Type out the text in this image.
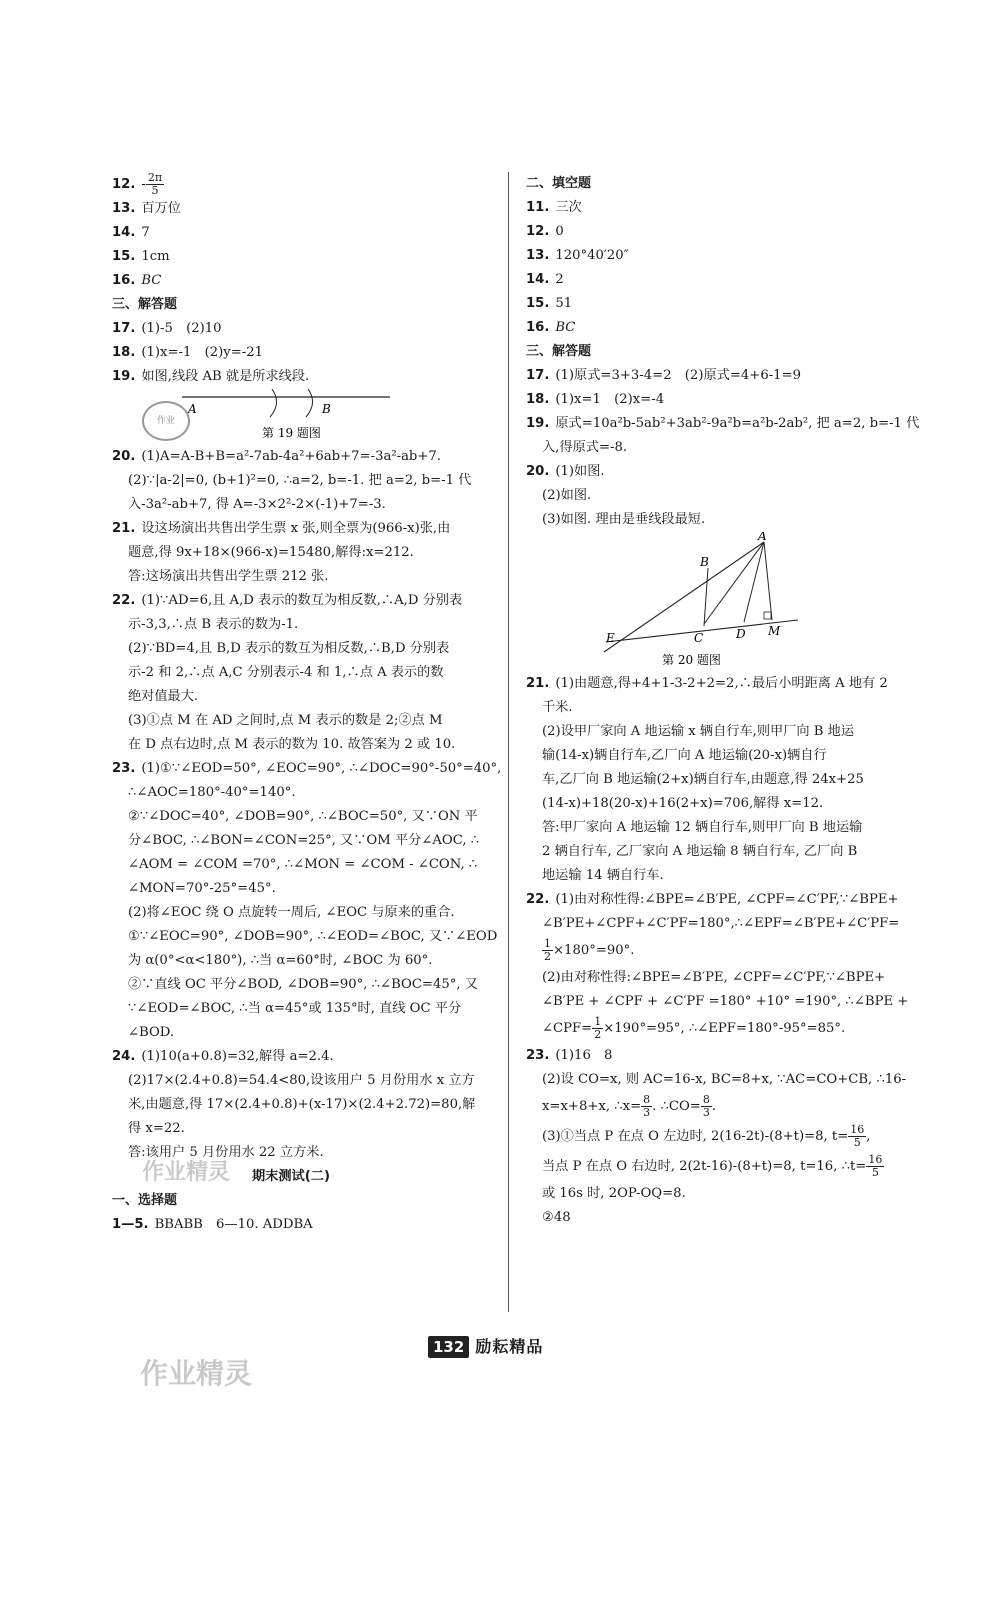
12. - $\frac{2\pi}{5}$
13. 百万位
14. 7
15. 1cm
16. BC
三、解答题
17. (1)-5　(2)10
18. (1)x=-1　(2)y=-21
19. 如图,线段 AB 就是所求线段.
A	B
第 19 题图
作业
20. (1)A=A-B+B=a²-7ab-4a²+6ab+7=-3a²-ab+7.
(2)∵|a-2|=0, (b+1)²=0, ∴a=2, b=-1. 把 a=2, b=-1 代
入-3a²-ab+7, 得 A=-3×2²-2×(-1)+7=-3.
21. 设这场演出共售出学生票 x 张,则全票为(966-x)张,由
题意,得 9x+18×(966-x)=15480,解得:x=212.
答:这场演出共售出学生票 212 张.
22. (1)∵AD=6,且 A,D 表示的数互为相反数,∴A,D 分别表
示-3,3,∴点 B 表示的数为-1.
(2)∵BD=4,且 B,D 表示的数互为相反数,∴B,D 分别表
示-2 和 2,∴点 A,C 分别表示-4 和 1,∴点 A 表示的数
绝对值最大.
(3)①点 M 在 AD 之间时,点 M 表示的数是 2;②点 M
在 D 点右边时,点 M 表示的数为 10. 故答案为 2 或 10.
23. (1)①∵∠EOD=50°, ∠EOC=90°, ∴∠DOC=90°-50°=40°,
∴∠AOC=180°-40°=140°.
②∵∠DOC=40°, ∠DOB=90°, ∴∠BOC=50°, 又∵ON 平
分∠BOC, ∴∠BON=∠CON=25°, 又∵OM 平分∠AOC, ∴
∠AOM = ∠COM =70°, ∴∠MON = ∠COM - ∠CON, ∴
∠MON=70°-25°=45°.
(2)将∠EOC 绕 O 点旋转一周后, ∠EOC 与原来的重合.
①∵∠EOC=90°, ∠DOB=90°, ∴∠EOD=∠BOC, 又∵∠EOD
为 α(0°<α<180°), ∴当 α=60°时, ∠BOC 为 60°.
②∵直线 OC 平分∠BOD, ∠DOB=90°, ∴∠BOC=45°, 又
∵∠EOD=∠BOC, ∴当 α=45°或 135°时, 直线 OC 平分
∠BOD.
24. (1)10(a+0.8)=32,解得 a=2.4.
(2)17×(2.4+0.8)=54.4<80,设该用户 5 月份用水 x 立方
米,由题意,得 17×(2.4+0.8)+(x-17)×(2.4+2.72)=80,解
得 x=22.
答:该用户 5 月份用水 22 立方米.
作业精灵 期末测试(二)
一、选择题
1—5. BBABB　6—10. ADDBA
二、填空题
11. 三次
12. 0
13. 120°40′20″
14. 2
15. 51
16. BC
三、解答题
17. (1)原式=3+3-4=2　(2)原式=4+6-1=9
18. (1)x=1　(2)x=-4
19. 原式=10a²b-5ab²+3ab²-9a²b=a²b-2ab², 把 a=2, b=-1 代
入,得原式=-8.
20. (1)如图.
(2)如图.
(3)如图. 理由是垂线段最短.
A
B
E	C	D M
第 20 题图
21. (1)由题意,得+4+1-3-2+2=2,∴最后小明距离 A 地有 2
千米.
(2)设甲厂家向 A 地运输 x 辆自行车,则甲厂向 B 地运
输(14-x)辆自行车,乙厂向 A 地运输(20-x)辆自行
车,乙厂向 B 地运输(2+x)辆自行车,由题意,得 24x+25
(14-x)+18(20-x)+16(2+x)=706,解得 x=12.
答:甲厂家向 A 地运输 12 辆自行车,则甲厂向 B 地运输
2 辆自行车, 乙厂家向 A 地运输 8 辆自行车, 乙厂向 B
地运输 14 辆自行车.
22. (1)由对称性得:∠BPE=∠B′PE, ∠CPF=∠C′PF,∵∠BPE+
∠B′PE+∠CPF+∠C′PF=180°,∴∠EPF=∠B′PE+∠C′PF=
$\frac{1}{2} \times 180^\circ=90^\circ$.
(2)由对称性得:∠BPE=∠B′PE, ∠CPF=∠C′PF,∵∠BPE+
∠B′PE + ∠CPF + ∠C′PF =180° +10° =190°, ∴∠BPE +
∠CPF= $\frac{1}{2} \times 190^\circ=95^\circ$, ∴∠EPF=180°-95°=85°.
23. (1)16　8
(2)设 CO=x, 则 AC=16-x, BC=8+x, ∵AC=CO+CB, ∴16-
x=x+8+x, ∴x= $\frac{8}{3}$ . ∴CO= $\frac{8}{3}$ .
(3)①当点 P 在点 O 左边时, 2(16-2t)-(8+t)=8, $t= \frac{16}{5}$ ,
当点 P 在点 O 右边时, 2(2t-16)-(8+t)=8, t=16, ∴t= $\frac{16}{5}$
或 16s 时, 2OP-OQ=8.
②48
132 励耘精品
作业精灵
